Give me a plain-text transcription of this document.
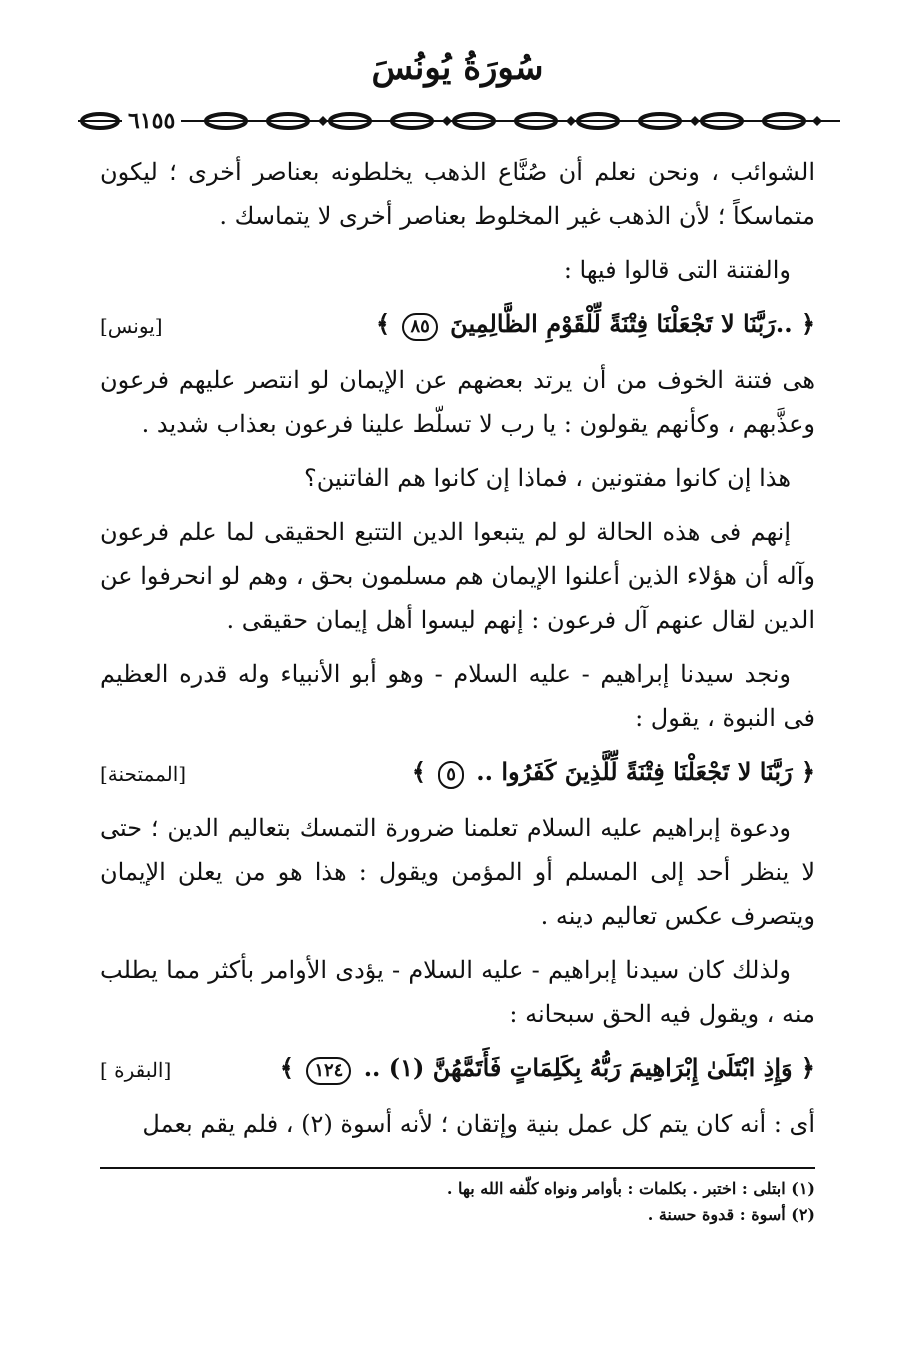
سُورَةُ يُونُسَ
٦١٥٥

الشوائب ، ونحن نعلم أن صُنَّاع الذهب يخلطونه بعناصر أخرى ؛ ليكون متماسكاً ؛ لأن الذهب غير المخلوط بعناصر أخرى لا يتماسك .

والفتنة التى قالوا فيها :

﴿ ..رَبَّنَا لا تَجْعَلْنَا فِتْنَةً لِّلْقَوْمِ الظَّالِمِينَ ٨٥ ﴾
[يونس]

هى فتنة الخوف من أن يرتد بعضهم عن الإيمان لو انتصر عليهم فرعون وعذَّبهم ، وكأنهم يقولون : يا رب لا تسلّط علينا فرعون بعذاب شديد .

هذا إن كانوا مفتونين ، فماذا إن كانوا هم الفاتنين؟

إنهم فى هذه الحالة لو لم يتبعوا الدين التتبع الحقيقى لما علم فرعون وآله أن هؤلاء الذين أعلنوا الإيمان هم مسلمون بحق ، وهم لو انحرفوا عن الدين لقال عنهم آل فرعون : إنهم ليسوا أهل إيمان حقيقى .

ونجد سيدنا إبراهيم - عليه السلام - وهو أبو الأنبياء وله قدره العظيم فى النبوة ، يقول :

﴿ رَبَّنَا لا تَجْعَلْنَا فِتْنَةً لِّلَّذِينَ كَفَرُوا .. ٥ ﴾
[الممتحنة]

ودعوة إبراهيم عليه السلام تعلمنا ضرورة التمسك بتعاليم الدين ؛ حتى لا ينظر أحد إلى المسلم أو المؤمن ويقول : هذا هو من يعلن الإيمان ويتصرف عكس تعاليم دينه .

ولذلك كان سيدنا إبراهيم - عليه السلام - يؤدى الأوامر بأكثر مما يطلب منه ، ويقول فيه الحق سبحانه :

﴿ وَإِذِ ابْتَلَىٰ إِبْرَاهِيمَ رَبُّهُ بِكَلِمَاتٍ فَأَتَمَّهُنَّ (١) .. ١٢٤ ﴾
[البقرة ]

أى : أنه كان يتم كل عمل بنية وإتقان ؛ لأنه أسوة (٢) ، فلم يقم بعمل

(١) ابتلى : اختبر . بكلمات : بأوامر ونواه كلّفه الله بها .
(٢) أسوة : قدوة حسنة .
